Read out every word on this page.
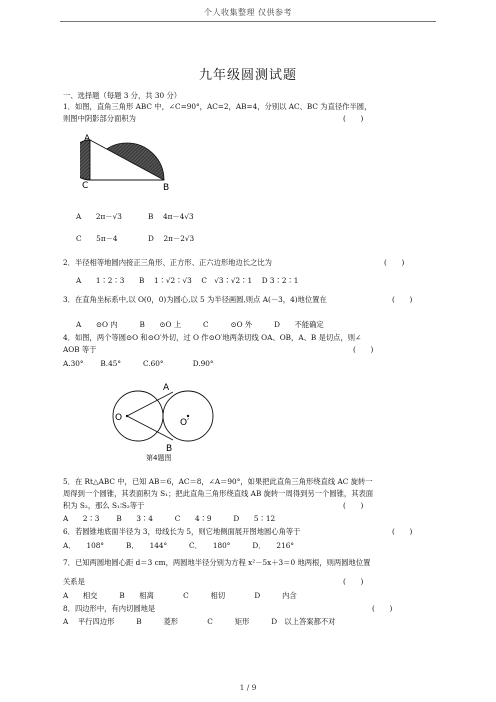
个人收集整理 仅供参考
九年级圆测试题
一、选择题（每题 3 分，共 30 分）
1．如图，直角三角形 ABC 中，∠C=90°，AC=2，AB=4，分别以 AC、BC 为直径作半圆，
则图中阴影部分面积为	(　　)
A
C	B
A　　2π－√3	B　 4π－4√3
C　　5π－4	D　 2π－2√3
2．半径相等地圆内接正三角形、正方形、正六边形地边长之比为	(　　)
A　　1∶2∶3　　B　 1∶√2∶√3　 C　√3∶√2∶1　 D 3∶2∶1
3．在直角坐标系中,以 O(0，0)为圆心,以 5 为半径画圆,则点 A(－3，4)地位置在	(　　)
A　　⊙O 内　　　B　　⊙O 上　　　C　　　⊙O 外　　　D　　不能确定
4．如图，两个等圆⊙O 和⊙O′外切，过 O 作⊙O′地两条切线 OA、OB，A、B 是切点，则∠
AOB 等于	(　　)
A.30°　　 B.45°　　　C.60°　　　　D.90°
O	O′
A
B
第4题图
5．在 Rt△ABC 中，已知 AB＝6，AC＝8，∠A＝90°，如果把此直角三角形绕直线 AC 旋转一
周得到一个圆锥，其表面积为 S₁；把此直角三角形绕直线 AB 旋转一周得到另一个圆锥，其表面
积为 S₂，那么 S₁∶S₂等于	(　　)
A　　2∶3　　 B　　3∶4　　　C　　4∶9　　　D　　5∶12
6．若圆锥地底面半径为 3，母线长为 5，则它地侧面展开图地圆心角等于	(　　)
A．　　108°　　　B．　　144°　　　C．　　180°　　　D．　　216°
7．已知两圆地圆心距 d＝3 cm，两圆地半径分别为方程 x²－5x＋3＝0 地两根，则两圆地位置
关系是	(　　)
A　　相交　　　B　　相离　　　　C　　　相切　　　　D　　　内含
8．四边形中，有内切圆地是	(　　)
A　 平行四边形　　　B　　　菱形　　　　C　　　矩形　　　D　以上答案都不对
1 / 9
